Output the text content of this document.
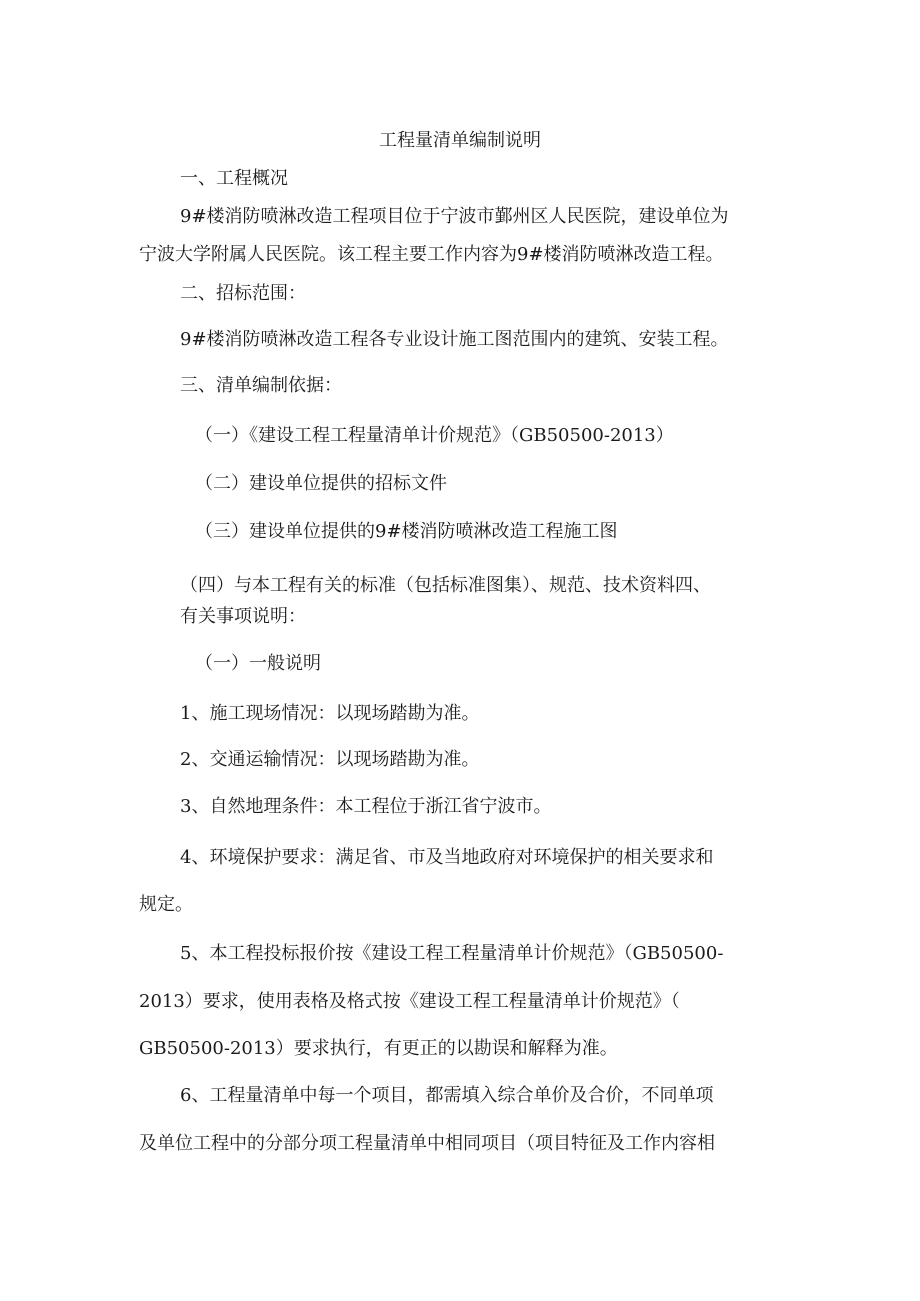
工程量清单编制说明
一、工程概况
9#楼消防喷淋改造工程项目位于宁波市鄞州区人民医院，建设单位为
宁波大学附属人民医院。该工程主要工作内容为9#楼消防喷淋改造工程。
二、招标范围：
9#楼消防喷淋改造工程各专业设计施工图范围内的建筑、安装工程。
三、清单编制依据：
（一）《建设工程工程量清单计价规范》（GB50500-2013）
（二）建设单位提供的招标文件
（三）建设单位提供的9#楼消防喷淋改造工程施工图
（四）与本工程有关的标准（包括标准图集）、规范、技术资料四、
有关事项说明：
（一）一般说明
1、施工现场情况：以现场踏勘为准。
2、交通运输情况：以现场踏勘为准。
3、自然地理条件：本工程位于浙江省宁波市。
4、环境保护要求：满足省、市及当地政府对环境保护的相关要求和
规定。
5、本工程投标报价按《建设工程工程量清单计价规范》（GB50500-
2013）要求，使用表格及格式按《建设工程工程量清单计价规范》（
GB50500-2013）要求执行，有更正的以勘误和解释为准。
6、工程量清单中每一个项目，都需填入综合单价及合价，不同单项
及单位工程中的分部分项工程量清单中相同项目（项目特征及工作内容相
